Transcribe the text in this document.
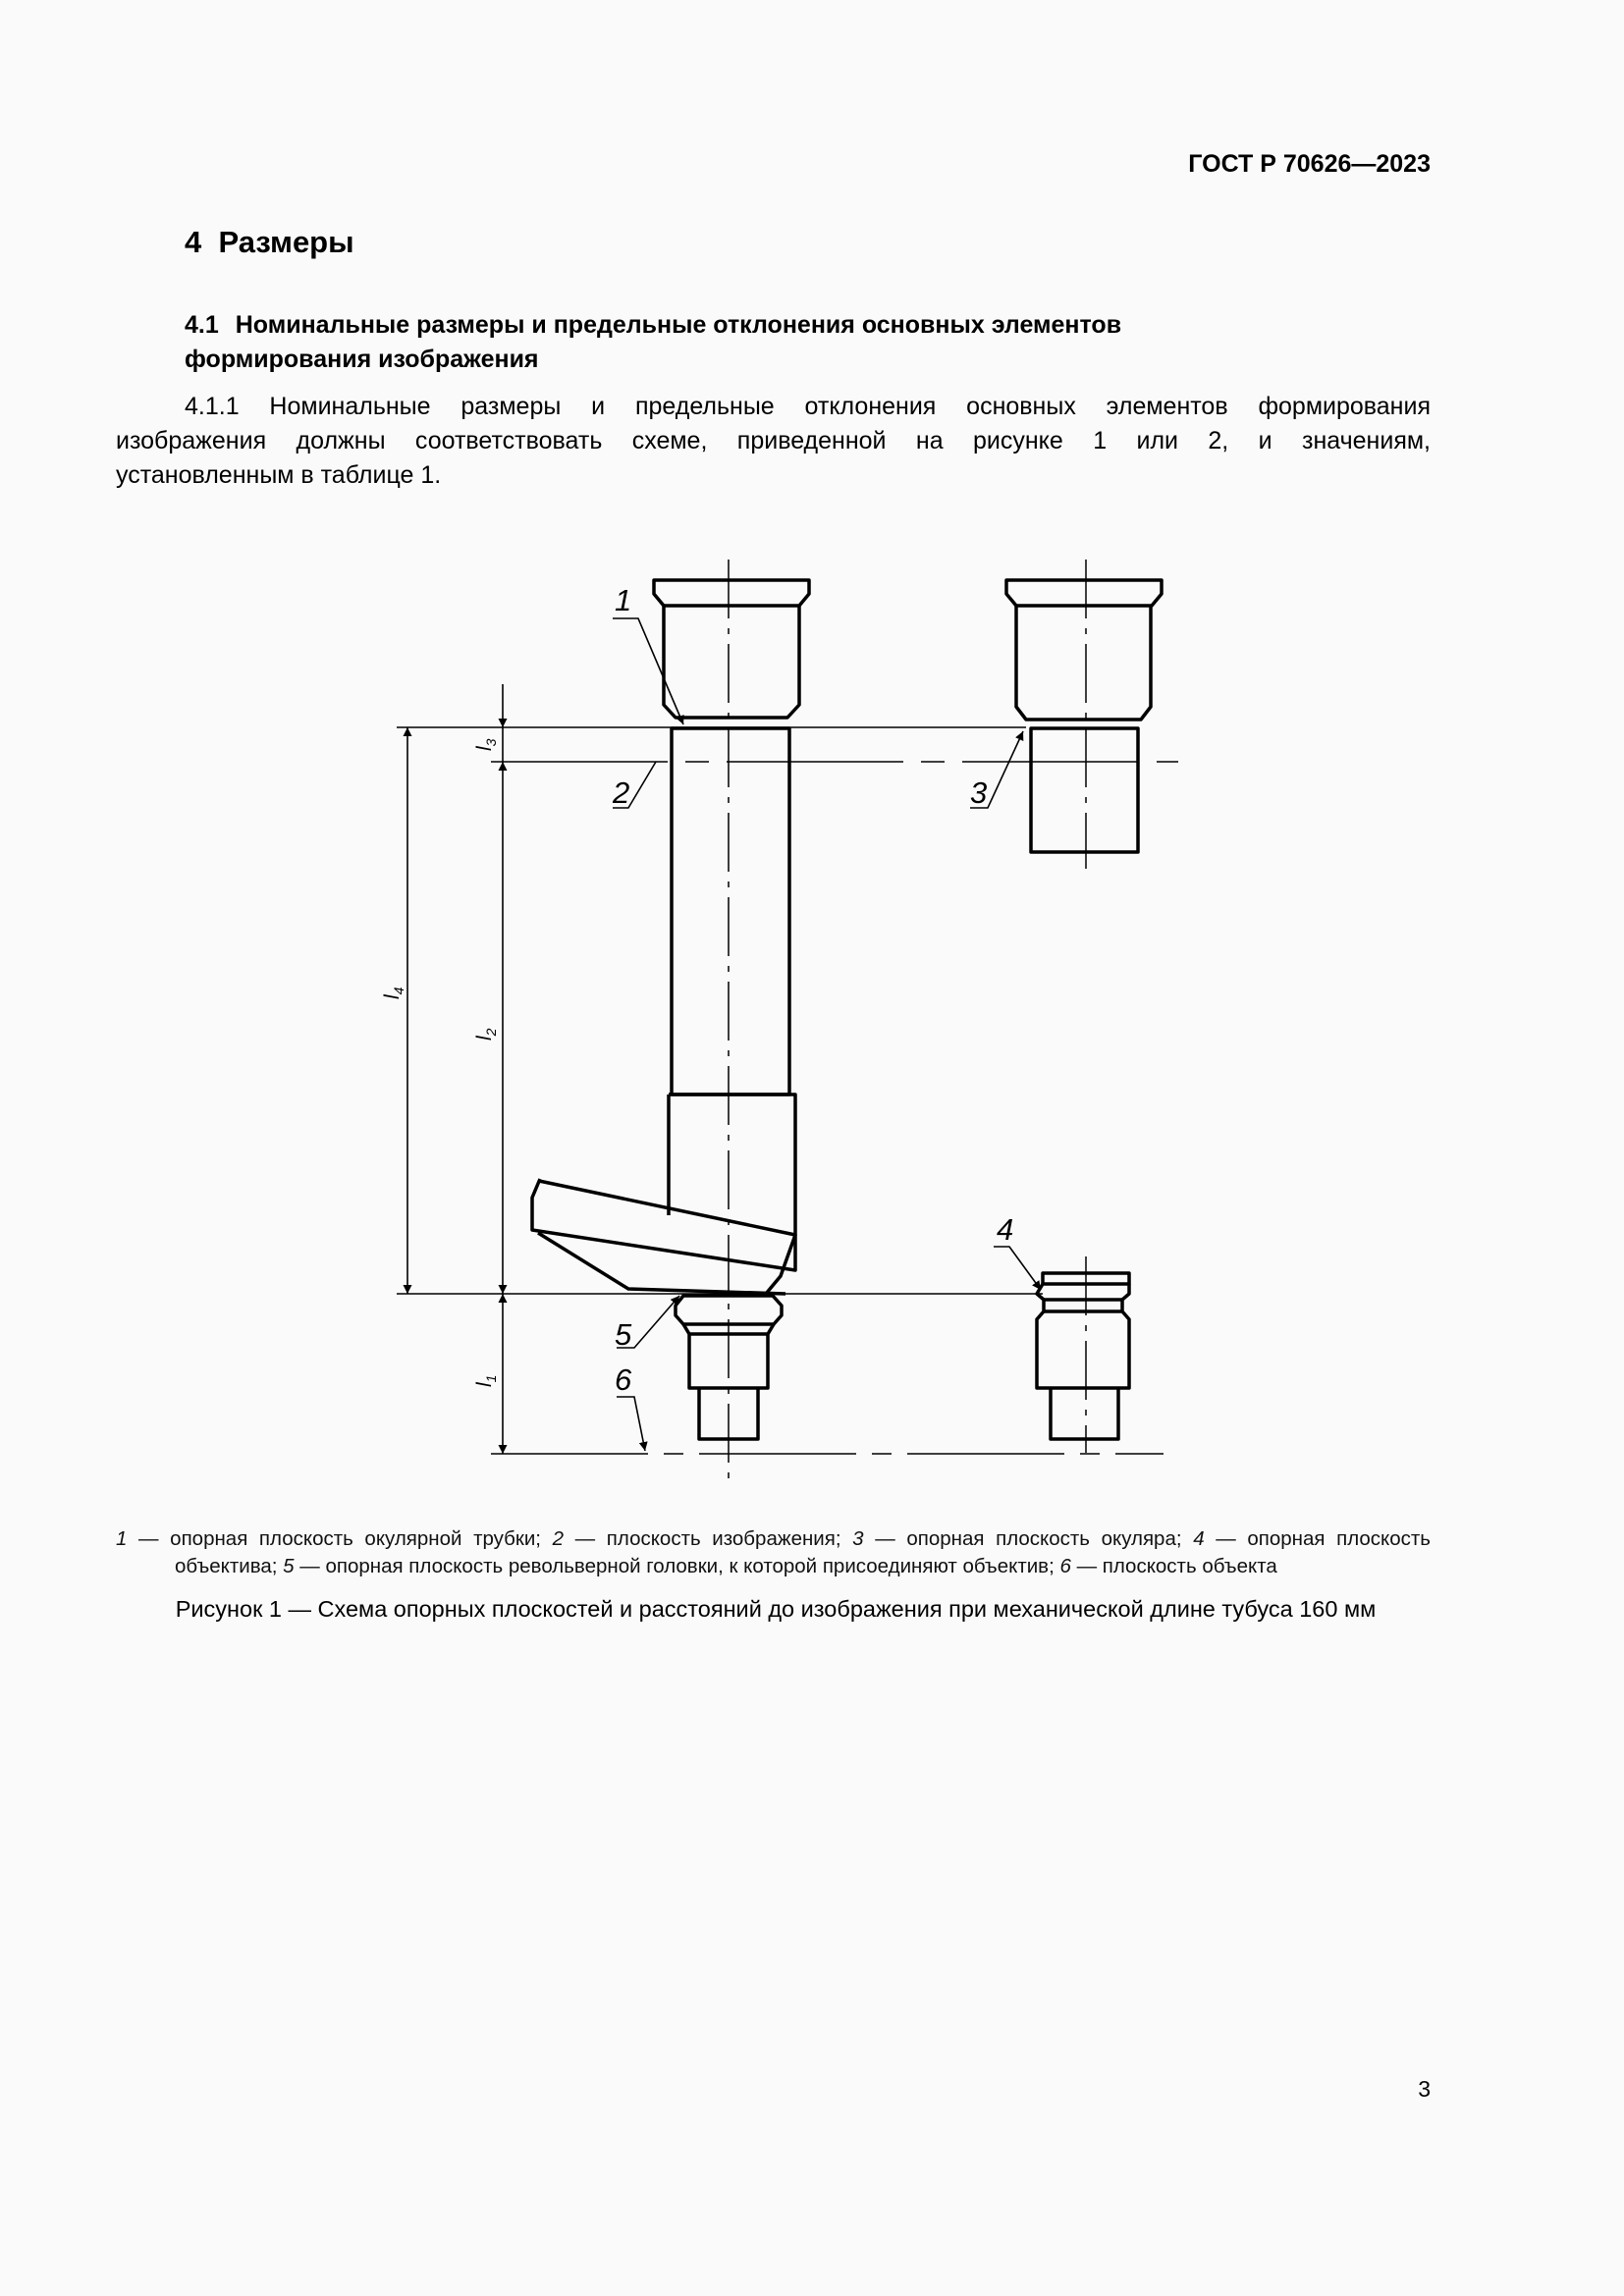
ГОСТ Р 70626—2023
4 Размеры
4.1 Номинальные размеры и предельные отклонения основных элементов
формирования изображения
4.1.1 Номинальные размеры и предельные отклонения основных элементов формирования
изображения должны соответствовать схеме, приведенной на рисунке 1 или 2, и значениям,
установленным в таблице 1.
1
2	3
4
5
6
$l_4$
$l_2$
$l_3$
$l_1$
1 — опорная плоскость окулярной трубки; 2 — плоскость изображения; 3 — опорная плоскость окуляра; 4 — опорная плоскость
объектива; 5 — опорная плоскость револьверной головки, к которой присоединяют объектив; 6 — плоскость объекта
Рисунок 1 — Схема опорных плоскостей и расстояний до изображения при механической длине тубуса 160 мм
3
